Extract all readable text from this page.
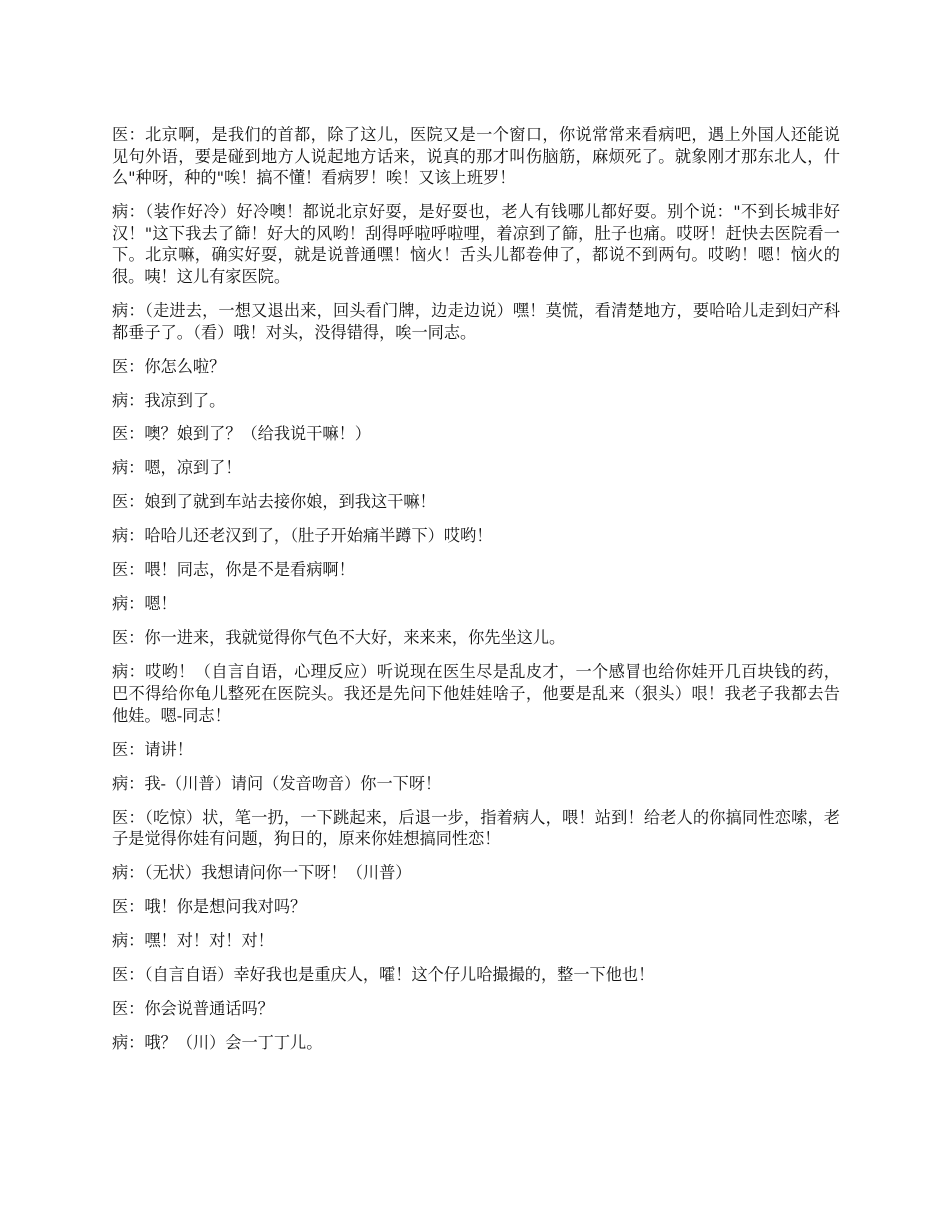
医：北京啊，是我们的首都，除了这儿，医院又是一个窗口，你说常常来看病吧，遇上外国人还能说见句外语，要是碰到地方人说起地方话来，说真的那才叫伤脑筋，麻烦死了。就象刚才那东北人，什么"种呀，种的"唉！搞不懂！看病罗！唉！又该上班罗！

病：（装作好冷）好冷噢！都说北京好耍，是好耍也，老人有钱哪儿都好耍。别个说："不到长城非好汉！"这下我去了篩！好大的风哟！刮得呼啦呼啦哩，着凉到了篩，肚子也痛。哎呀！赶快去医院看一下。北京嘛，确实好耍，就是说普通嘿！恼火！舌头儿都卷伸了，都说不到两句。哎哟！嗯！恼火的很。咦！这儿有家医院。

病：（走进去，一想又退出来，回头看门牌，边走边说）嘿！莫慌，看清楚地方，要哈哈儿走到妇产科都垂子了。（看）哦！对头，没得错得，唉一同志。

医：你怎么啦？

病：我凉到了。

医：噢？娘到了？（给我说干嘛！）

病：嗯，凉到了！

医：娘到了就到车站去接你娘，到我这干嘛！

病：哈哈儿还老汉到了，（肚子开始痛半蹲下）哎哟！

医：喂！同志，你是不是看病啊！

病：嗯！

医：你一进来，我就觉得你气色不大好，来来来，你先坐这儿。

病：哎哟！（自言自语，心理反应）听说现在医生尽是乱皮才，一个感冒也给你娃开几百块钱的药，巴不得给你龟儿整死在医院头。我还是先问下他娃娃啥子，他要是乱来（狠头）哏！我老子我都去告他娃。嗯-同志！

医：请讲！

病：我-（川普）请问（发音吻音）你一下呀！

医：（吃惊）状，笔一扔，一下跳起来，后退一步，指着病人，喂！站到！给老人的你搞同性恋嗦，老子是觉得你娃有问题，狗日的，原来你娃想搞同性恋！

病：（无状）我想请问你一下呀！（川普）

医：哦！你是想问我对吗？

病：嘿！对！对！对！

医：（自言自语）幸好我也是重庆人，嚯！这个仔儿哈撮撮的，整一下他也！

医：你会说普通话吗？

病：哦？（川）会一丁丁儿。
